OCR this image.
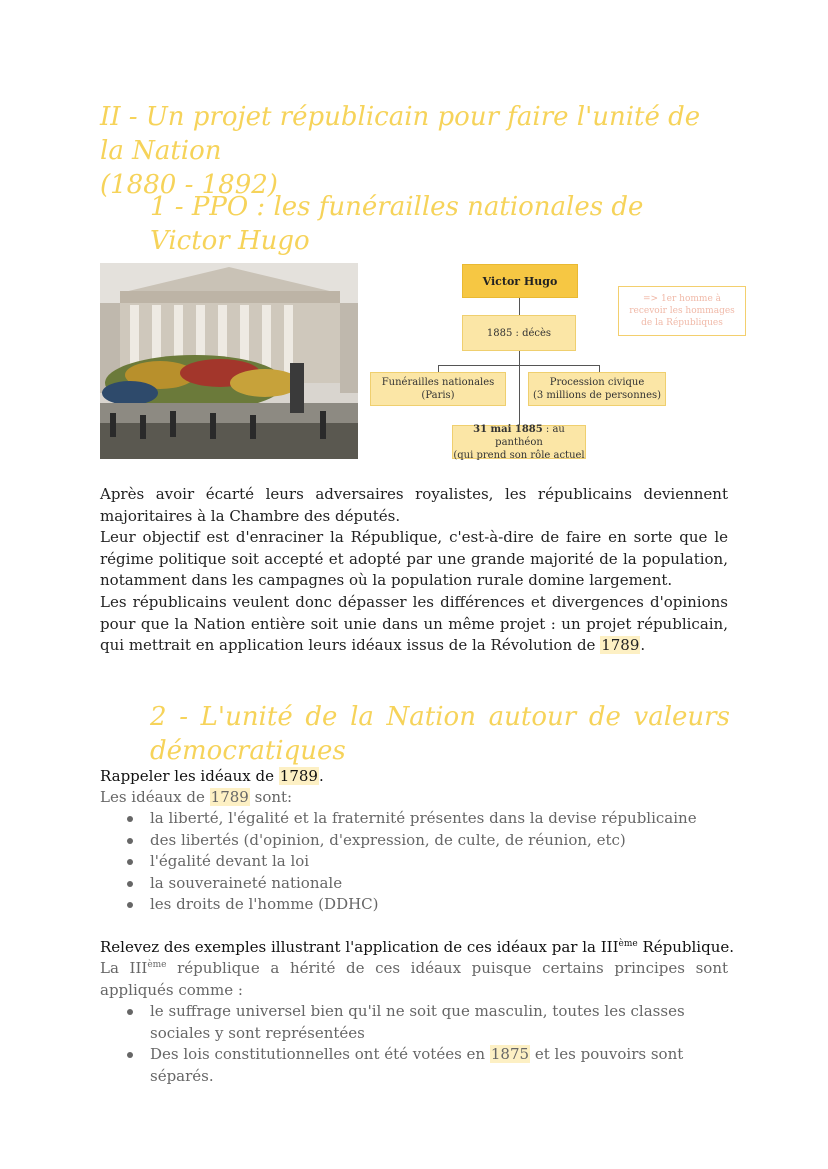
II - Un projet républicain pour faire l'unité de la Nation
(1880 - 1892)
1 - PPO : les funérailles nationales de Victor Hugo

Victor Hugo
1885 : décès
Funérailles nationales
(Paris)
Procession civique
(3 millions de personnes)
31 mai 1885 : au panthéon
(qui prend son rôle actuel
=> 1er homme à
recevoir les hommages
de la Républiques

Après avoir écarté leurs adversaires royalistes, les républicains deviennent majoritaires à la Chambre des députés.

Leur objectif est d'enraciner la République, c'est-à-dire de faire en sorte que le régime politique soit accepté et adopté par une grande majorité de la population, notamment dans les campagnes où la population rurale domine largement.

Les républicains veulent donc dépasser les différences et divergences d'opinions pour que la Nation entière soit unie dans un même projet : un projet républicain, qui mettrait en application leurs idéaux issus de la Révolution de 1789.

2 - L'unité de la Nation autour de valeurs
démocratiques

Rappeler les idéaux de 1789.

Les idéaux de 1789 sont:

la liberté, l'égalité et la fraternité présentes dans la devise républicaine
des libertés (d'opinion, d'expression, de culte, de réunion, etc)
l'égalité devant la loi
la souveraineté nationale
les droits de l'homme (DDHC)

Relevez des exemples illustrant l'application de ces idéaux par la IIIème République.

La IIIème république a hérité de ces idéaux puisque certains principes sont appliqués comme :

le suffrage universel bien qu'il ne soit que masculin, toutes les classes sociales y sont représentées
Des lois constitutionnelles ont été votées en 1875 et les pouvoirs sont séparés.
